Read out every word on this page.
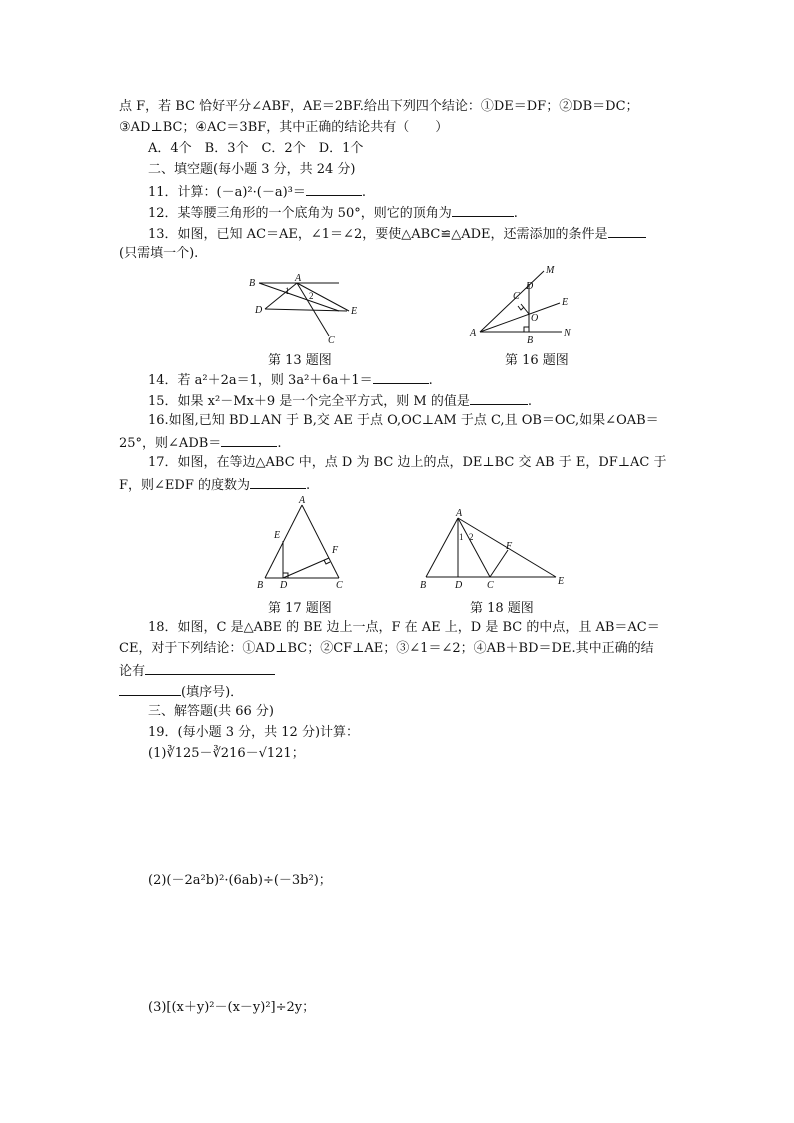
点 F，若 BC 恰好平分∠ABF，AE＝2BF.给出下列四个结论：①DE＝DF；②DB＝DC；
③AD⊥BC；④AC＝3BF，其中正确的结论共有（　　）
A．4个　B．3个　C．2个　D．1个
二、填空题(每小题 3 分，共 24 分)
11．计算：(－a)²·(－a)³＝	.
12．某等腰三角形的一个底角为 50°，则它的顶角为	.
13．如图，已知 AC＝AE，∠1＝∠2，要使△ABC≌△ADE，还需添加的条件是
(只需填一个).
B	A
1 2
D	E
C
第 13 题图
M
D
C
E
O
A
B
N
第 16 题图
14．若 a²＋2a＝1，则 3a²＋6a＋1＝	.
15．如果 x²－Mx＋9 是一个完全平方式，则 M 的值是	.
16.如图,已知 BD⊥AN 于 B,交 AE 于点 O,OC⊥AM 于点 C,且 OB＝OC,如果∠OAB＝
25°，则∠ADB＝	.
17．如图，在等边△ABC 中，点 D 为 BC 边上的点，DE⊥BC 交 AB 于 E，DF⊥AC 于
F，则∠EDF 的度数为	.
A
E
F
B D	C
第 17 题图
A
1 2
F
B	D C	E
第 18 题图
18．如图，C 是△ABE 的 BE 边上一点，F 在 AE 上，D 是 BC 的中点，且 AB＝AC＝
CE，对于下列结论：①AD⊥BC；②CF⊥AE；③∠1＝∠2；④AB＋BD＝DE.其中正确的结
论有
(填序号)．
三、解答题(共 66 分)
19．(每小题 3 分，共 12 分)计算：
(1)∛125－∛216－√121；
(2)(－2a²b)²·(6ab)÷(－3b²)；
(3)[(x＋y)²－(x－y)²]÷2y；
